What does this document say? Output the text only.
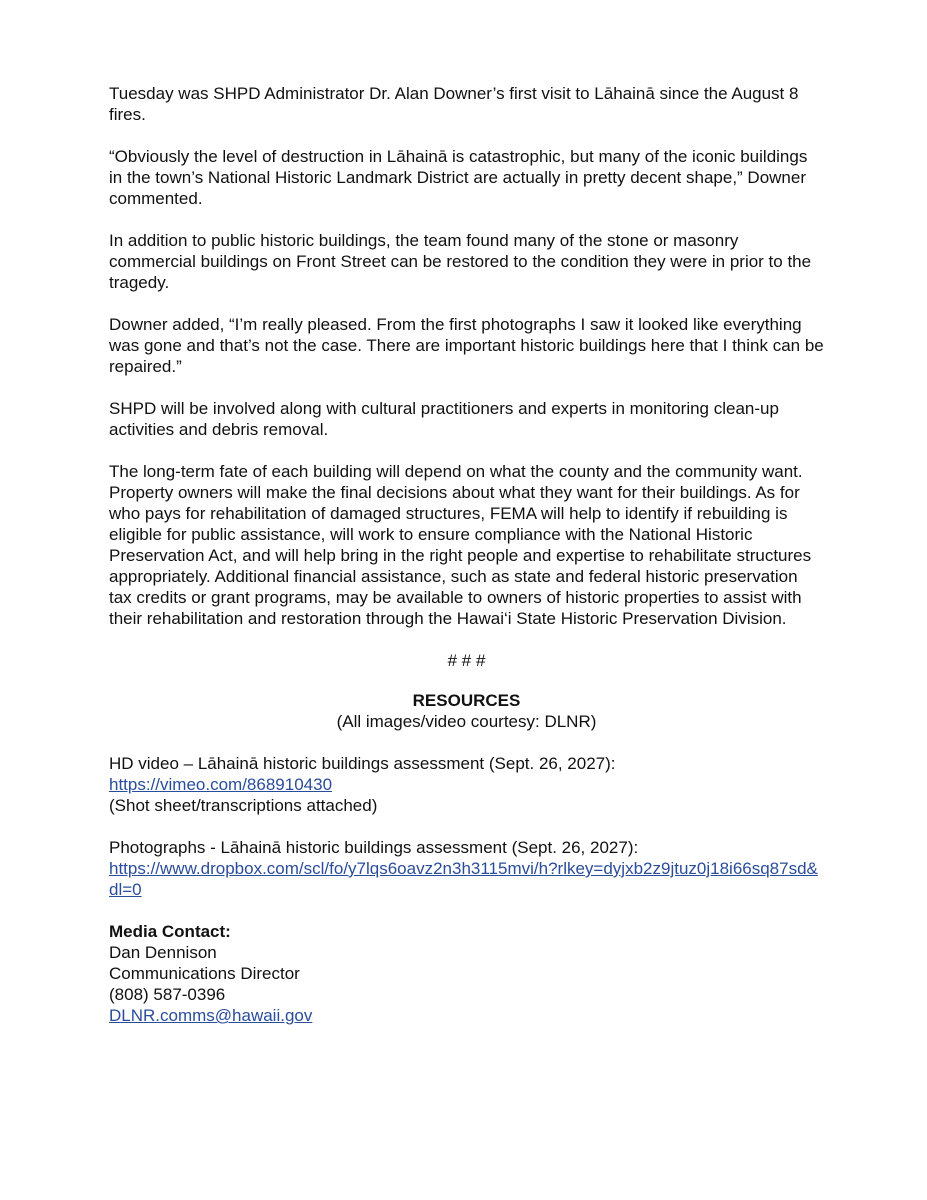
Tuesday was SHPD Administrator Dr. Alan Downer’s first visit to Lāhainā since the August 8 fires.

“Obviously the level of destruction in Lāhainā is catastrophic, but many of the iconic buildings in the town’s National Historic Landmark District are actually in pretty decent shape,” Downer commented.

In addition to public historic buildings, the team found many of the stone or masonry commercial buildings on Front Street can be restored to the condition they were in prior to the tragedy.

Downer added, “I’m really pleased. From the first photographs I saw it looked like everything was gone and that’s not the case. There are important historic buildings here that I think can be repaired.”

SHPD will be involved along with cultural practitioners and experts in monitoring clean-up activities and debris removal.

The long-term fate of each building will depend on what the county and the community want. Property owners will make the final decisions about what they want for their buildings. As for who pays for rehabilitation of damaged structures, FEMA will help to identify if rebuilding is eligible for public assistance, will work to ensure compliance with the National Historic Preservation Act, and will help bring in the right people and expertise to rehabilitate structures appropriately. Additional financial assistance, such as state and federal historic preservation tax credits or grant programs, may be available to owners of historic properties to assist with their rehabilitation and restoration through the Hawai‘i State Historic Preservation Division.

# # #

RESOURCES

(All images/video courtesy: DLNR)

HD video – Lāhainā historic buildings assessment (Sept. 26, 2027):
https://vimeo.com/868910430
(Shot sheet/transcriptions attached)
Photographs - Lāhainā historic buildings assessment (Sept. 26, 2027):
https://www.dropbox.com/scl/fo/y7lqs6oavz2n3h3115mvi/h?rlkey=dyjxb2z9jtuz0j18i66sq87sd&dl=0
Media Contact:
Dan Dennison
Communications Director
(808) 587-0396
DLNR.comms@hawaii.gov
